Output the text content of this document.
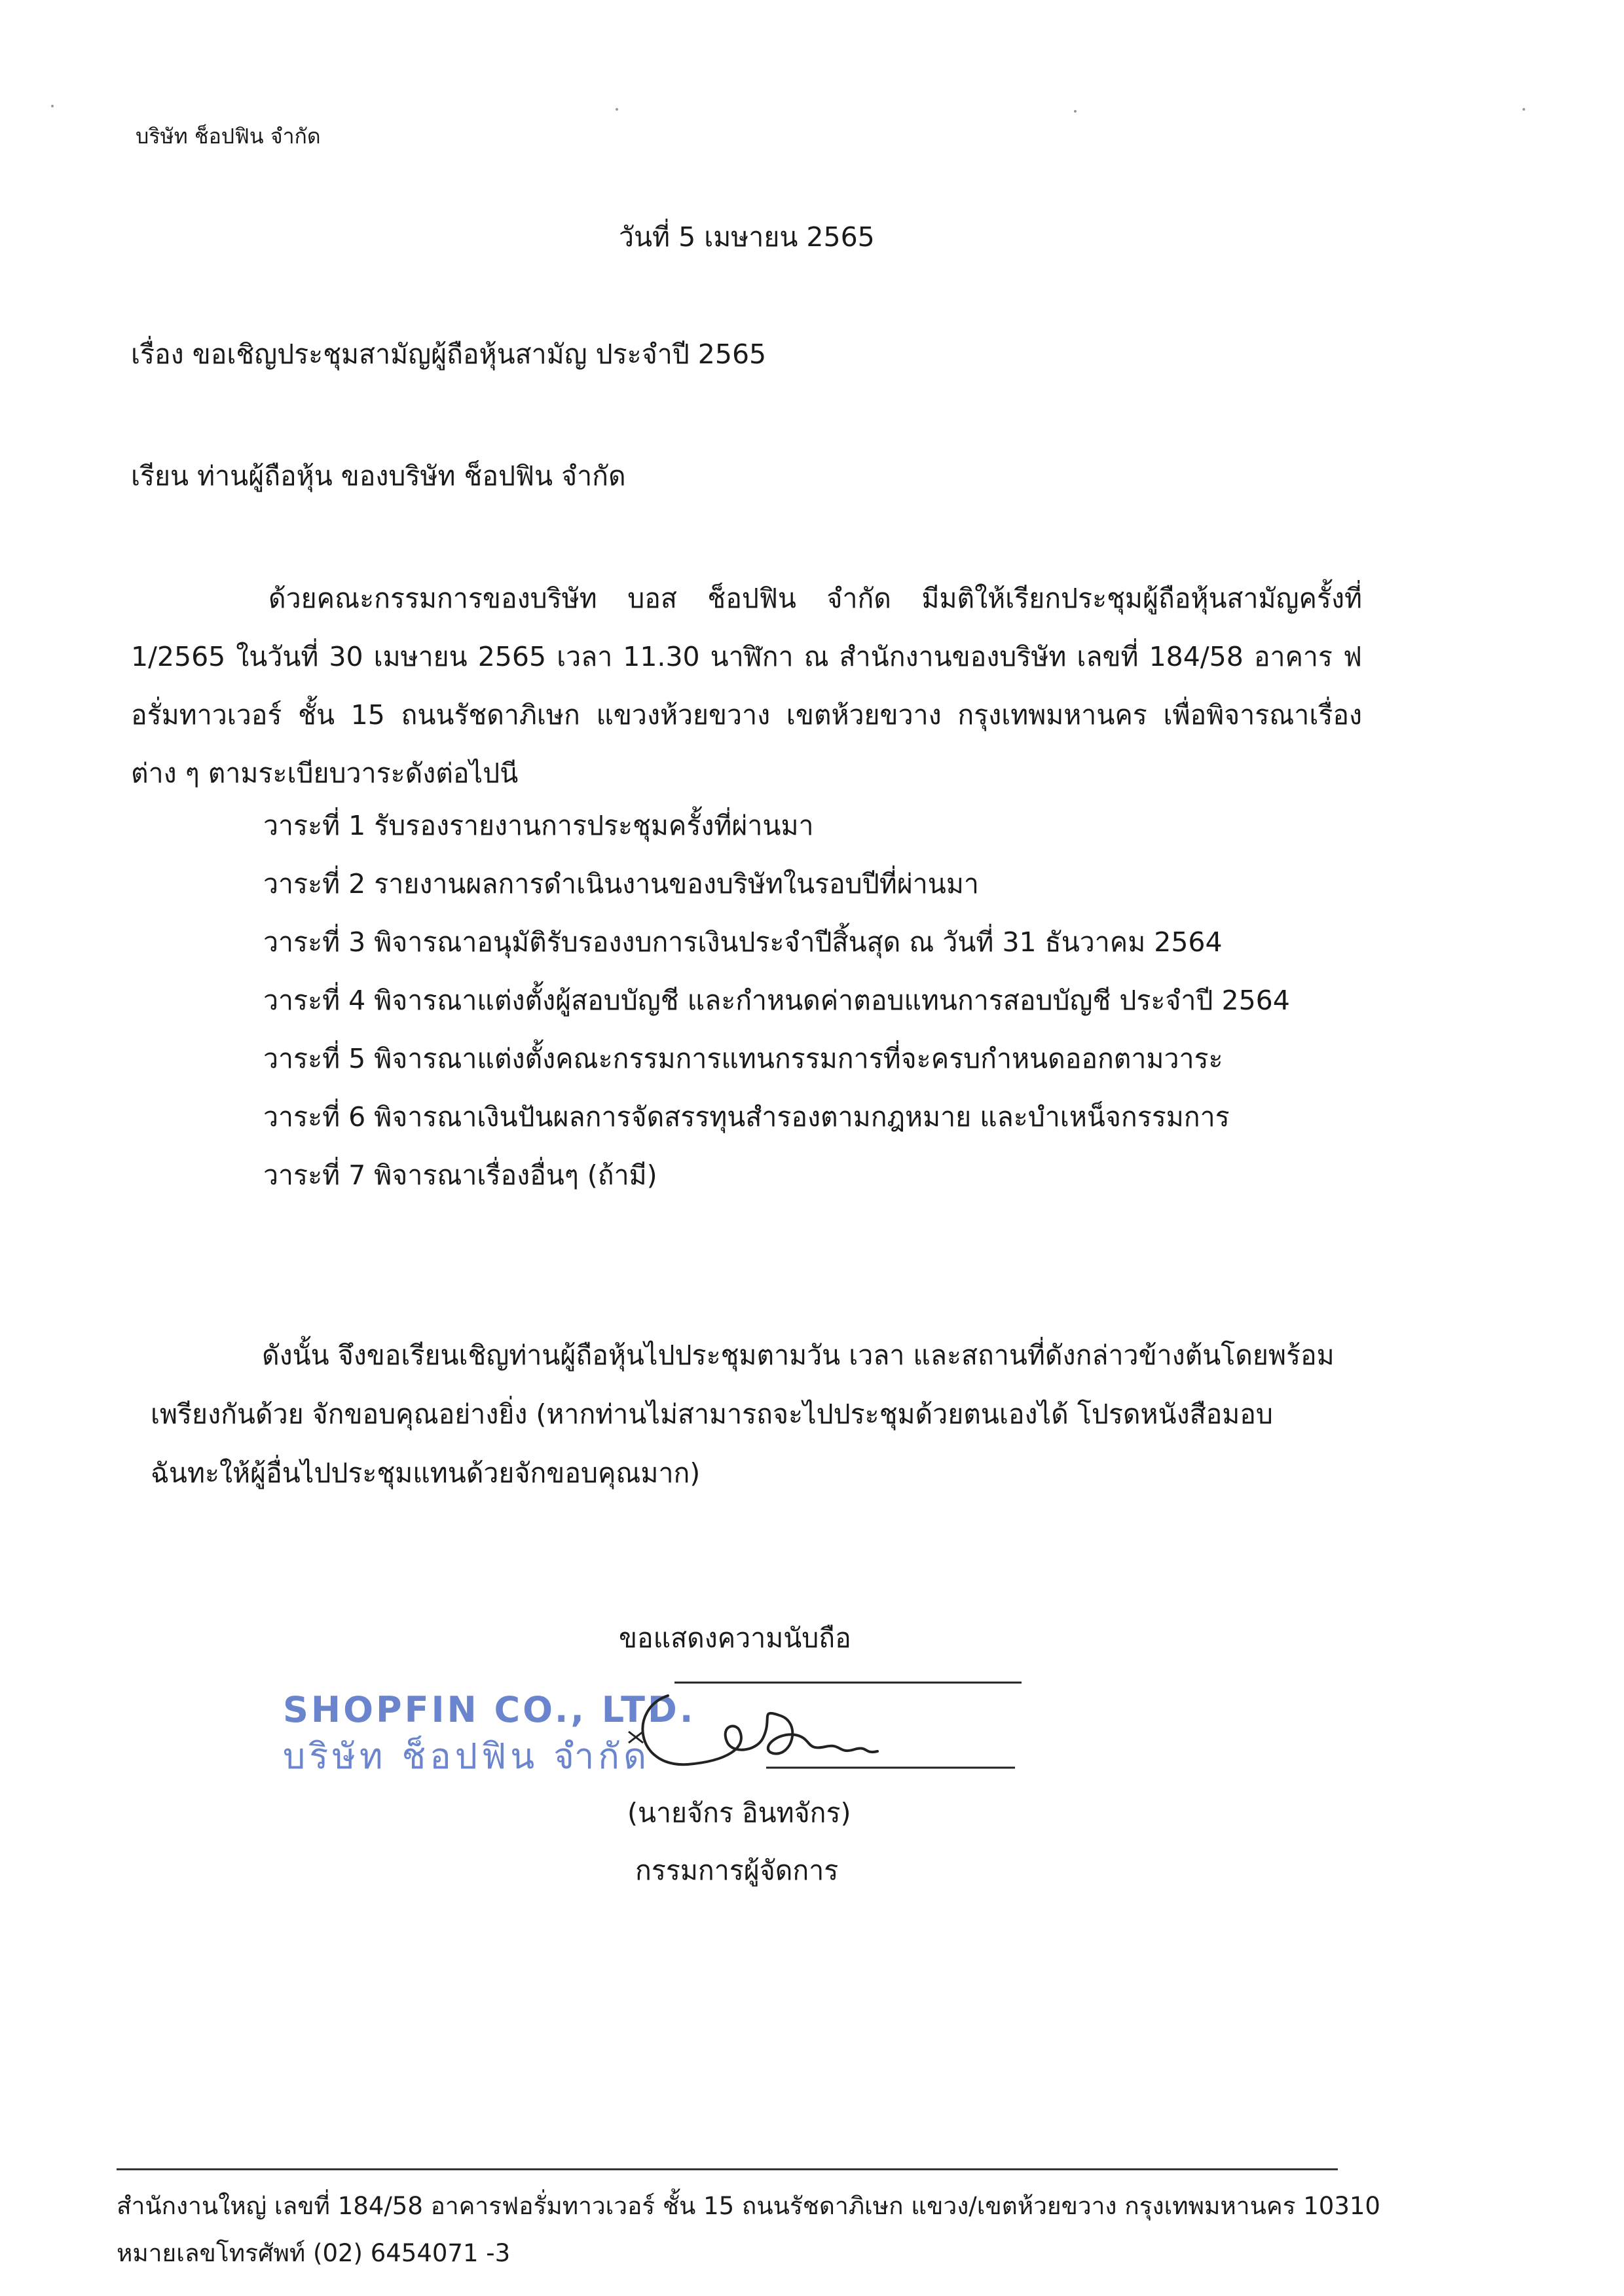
บริษัท ช็อปฟิน จำกัด
วันที่ 5 เมษายน 2565
เรื่อง ขอเชิญประชุมสามัญผู้ถือหุ้นสามัญ ประจำปี 2565
เรียน ท่านผู้ถือหุ้น ของบริษัท ช็อปฟิน จำกัด
ด้วยคณะกรรมการของบริษัท บอส ช็อปฟิน จำกัด มีมติให้เรียกประชุมผู้ถือหุ้นสามัญครั้งที่ 1/2565 ในวันที่ 30 เมษายน 2565 เวลา 11.30 นาฬิกา ณ สำนักงานของบริษัท เลขที่ 184/58 อาคาร ฟอรั่มทาวเวอร์ ชั้น 15 ถนนรัชดาภิเษก แขวงห้วยขวาง เขตห้วยขวาง กรุงเทพมหานคร เพื่อพิจารณาเรื่อง ต่าง ๆ ตามระเบียบวาระดังต่อไปนี
วาระที่ 1 รับรองรายงานการประชุมครั้งที่ผ่านมา
วาระที่ 2 รายงานผลการดำเนินงานของบริษัทในรอบปีที่ผ่านมา
วาระที่ 3 พิจารณาอนุมัติรับรองงบการเงินประจำปีสิ้นสุด ณ วันที่ 31 ธันวาคม 2564
วาระที่ 4 พิจารณาแต่งตั้งผู้สอบบัญชี และกำหนดค่าตอบแทนการสอบบัญชี ประจำปี 2564
วาระที่ 5 พิจารณาแต่งตั้งคณะกรรมการแทนกรรมการที่จะครบกำหนดออกตามวาระ
วาระที่ 6 พิจารณาเงินปันผลการจัดสรรทุนสำรองตามกฎหมาย และบำเหน็จกรรมการ
วาระที่ 7 พิจารณาเรื่องอื่นๆ (ถ้ามี)
ดังนั้น จึงขอเรียนเชิญท่านผู้ถือหุ้นไปประชุมตามวัน เวลา และสถานที่ดังกล่าวข้างต้นโดยพร้อม เพรียงกันด้วย จักขอบคุณอย่างยิ่ง (หากท่านไม่สามารถจะไปประชุมด้วยตนเองได้ โปรดหนังสือมอบ ฉันทะให้ผู้อื่นไปประชุมแทนด้วยจักขอบคุณมาก)
ขอแสดงความนับถือ
SHOPFIN CO., LTD.
บริษัท ช็อปฟิน จำกัด
(นายจักร อินทจักร)
กรรมการผู้จัดการ
สำนักงานใหญ่ เลขที่ 184/58 อาคารฟอรั่มทาวเวอร์ ชั้น 15 ถนนรัชดาภิเษก แขวง/เขตห้วยขวาง กรุงเทพมหานคร 10310
หมายเลขโทรศัพท์ (02) 6454071 -3
